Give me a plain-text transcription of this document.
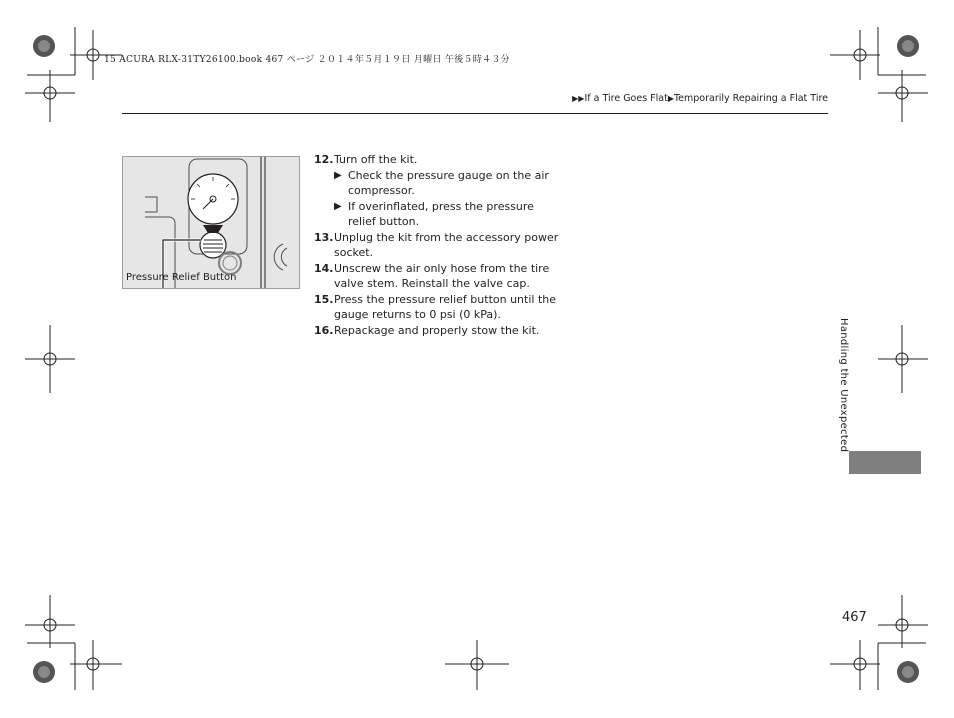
15 ACURA RLX-31TY26100.book 467 ページ ２０１４年５月１９日 月曜日 午後５時４３分
▶▶If a Tire Goes Flat▶Temporarily Repairing a Flat Tire
Pressure Relief Button
12. Turn off the kit.
▶ Check the pressure gauge on the air compressor.
▶ If overinflated, press the pressure relief button.
13. Unplug the kit from the accessory power socket.
14. Unscrew the air only hose from the tire valve stem. Reinstall the valve cap.
15. Press the pressure relief button until the gauge returns to 0 psi (0 kPa).
16. Repackage and properly stow the kit.	Handling the Unexpected
467
